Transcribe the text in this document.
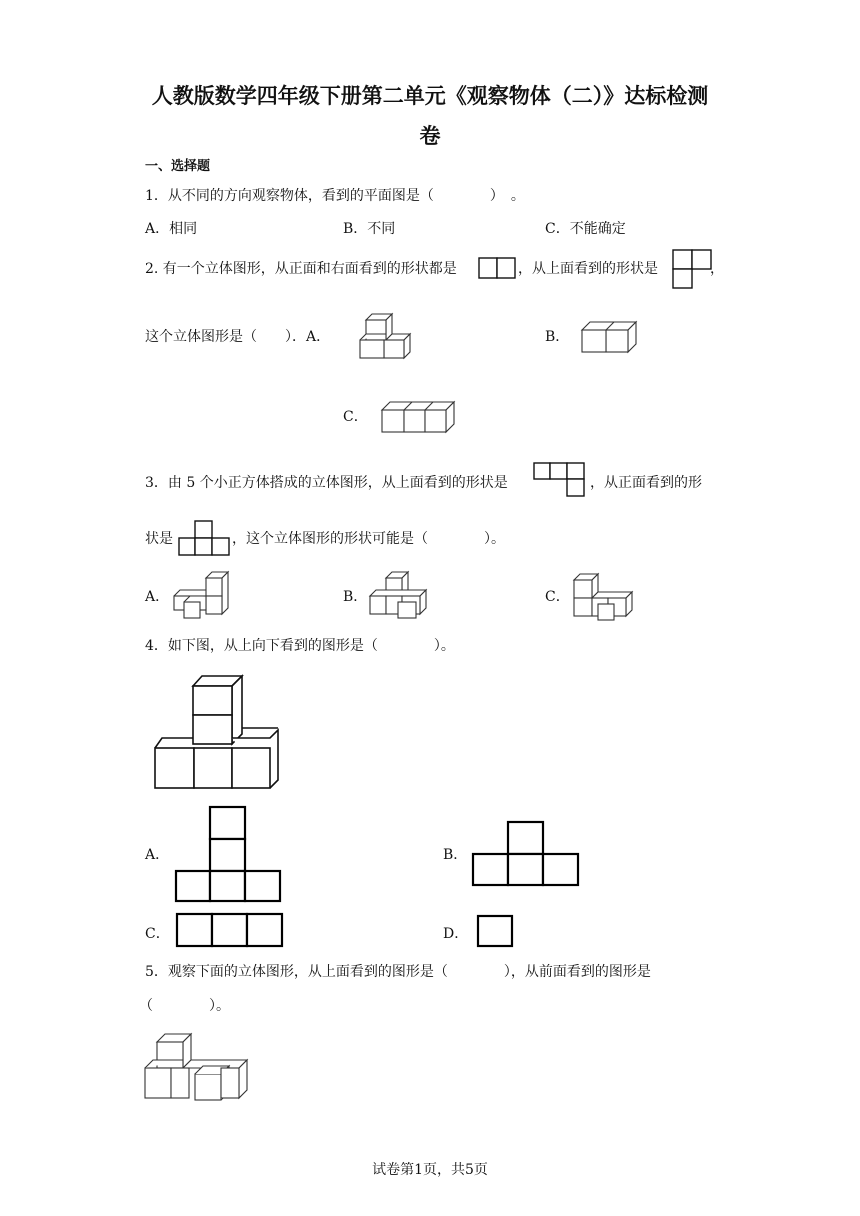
人教版数学四年级下册第二单元《观察物体（二）》达标检测
卷
一、选择题
1．从不同的方向观察物体，看到的平面图是（　　　　）　。
A．相同	B．不同	C．不能确定
2. 有一个立体图形，从正面和右面看到的形状都是	，从上面看到的形状是	，
这个立体图形是（　　）．A．	B．
C．
3．由 5 个小正方体搭成的立体图形，从上面看到的形状是	，从正面看到的形
状是	，这个立体图形的形状可能是（　　　　）。
A．	B．	C．
4．如下图，从上向下看到的图形是（　　　　）。
A．	B．
C．	D．
5．观察下面的立体图形，从上面看到的图形是（　　　　），从前面看到的图形是
（　　　　）。
试卷第1页，共5页
